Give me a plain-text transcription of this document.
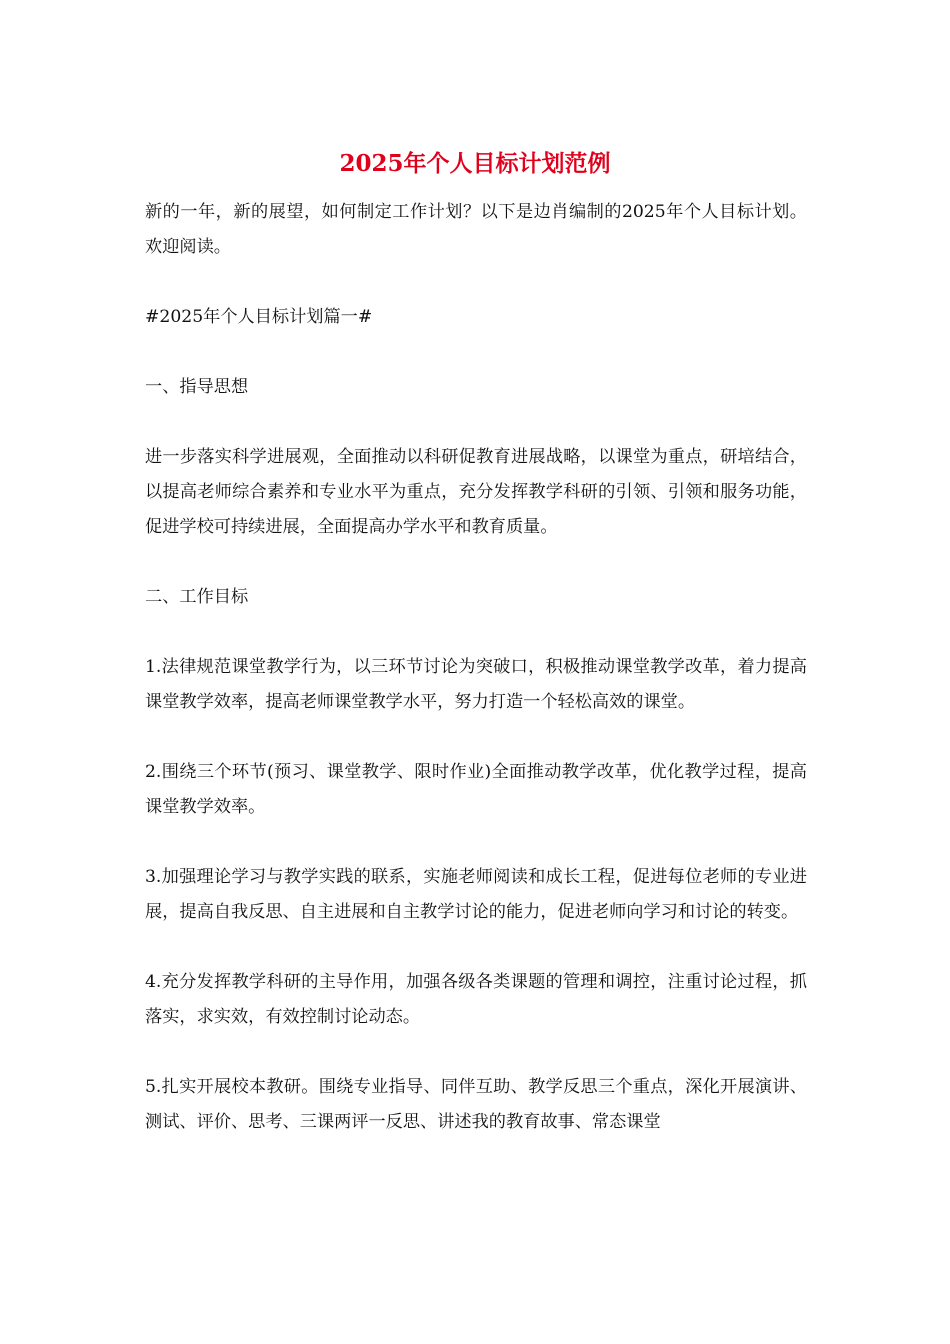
2025年个人目标计划范例

新的一年，新的展望，如何制定工作计划？以下是边肖编制的2025年个人目标计划。欢迎阅读。

#2025年个人目标计划篇一#

一、指导思想

进一步落实科学进展观，全面推动以科研促教育进展战略，以课堂为重点，研培结合，以提高老师综合素养和专业水平为重点，充分发挥教学科研的引领、引领和服务功能，促进学校可持续进展，全面提高办学水平和教育质量。

二、工作目标

1.法律规范课堂教学行为，以三环节讨论为突破口，积极推动课堂教学改革，着力提高课堂教学效率，提高老师课堂教学水平，努力打造一个轻松高效的课堂。

2.围绕三个环节(预习、课堂教学、限时作业)全面推动教学改革，优化教学过程，提高课堂教学效率。

3.加强理论学习与教学实践的联系，实施老师阅读和成长工程，促进每位老师的专业进展，提高自我反思、自主进展和自主教学讨论的能力，促进老师向学习和讨论的转变。

4.充分发挥教学科研的主导作用，加强各级各类课题的管理和调控，注重讨论过程，抓落实，求实效，有效控制讨论动态。

5.扎实开展校本教研。围绕专业指导、同伴互助、教学反思三个重点，深化开展演讲、测试、评价、思考、三课两评一反思、讲述我的教育故事、常态课堂
